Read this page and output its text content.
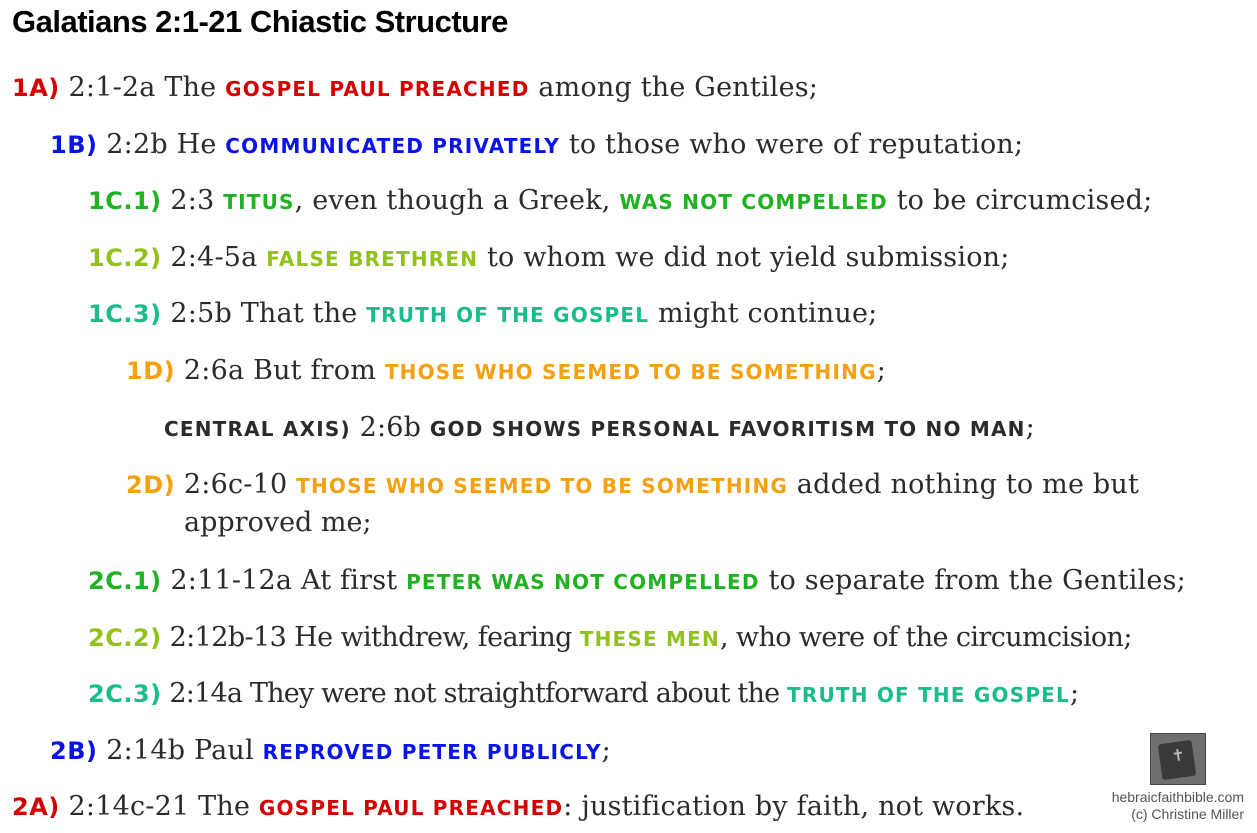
Galatians 2:1-21 Chiastic Structure
1A) 2:1-2a The GOSPEL PAUL PREACHED among the Gentiles;
1B) 2:2b He COMMUNICATED PRIVATELY to those who were of reputation;
1C.1) 2:3 TITUS, even though a Greek, WAS NOT COMPELLED to be circumcised;
1C.2) 2:4-5a FALSE BRETHREN to whom we did not yield submission;
1C.3) 2:5b That the TRUTH OF THE GOSPEL might continue;
1D) 2:6a But from THOSE WHO SEEMED TO BE SOMETHING;
CENTRAL AXIS) 2:6b GOD SHOWS PERSONAL FAVORITISM TO NO MAN;
2D) 2:6c-10 THOSE WHO SEEMED TO BE SOMETHING added nothing to me but
approved me;
2C.1) 2:11-12a At first PETER WAS NOT COMPELLED to separate from the Gentiles;
2C.2) 2:12b-13 He withdrew, fearing THESE MEN, who were of the circumcision;
2C.3) 2:14a They were not straightforward about the TRUTH OF THE GOSPEL;
2B) 2:14b Paul REPROVED PETER PUBLICLY;
2A) 2:14c-21 The GOSPEL PAUL PREACHED: justification by faith, not works.
✝
hebraicfaithbible.com
(c) Christine Miller
